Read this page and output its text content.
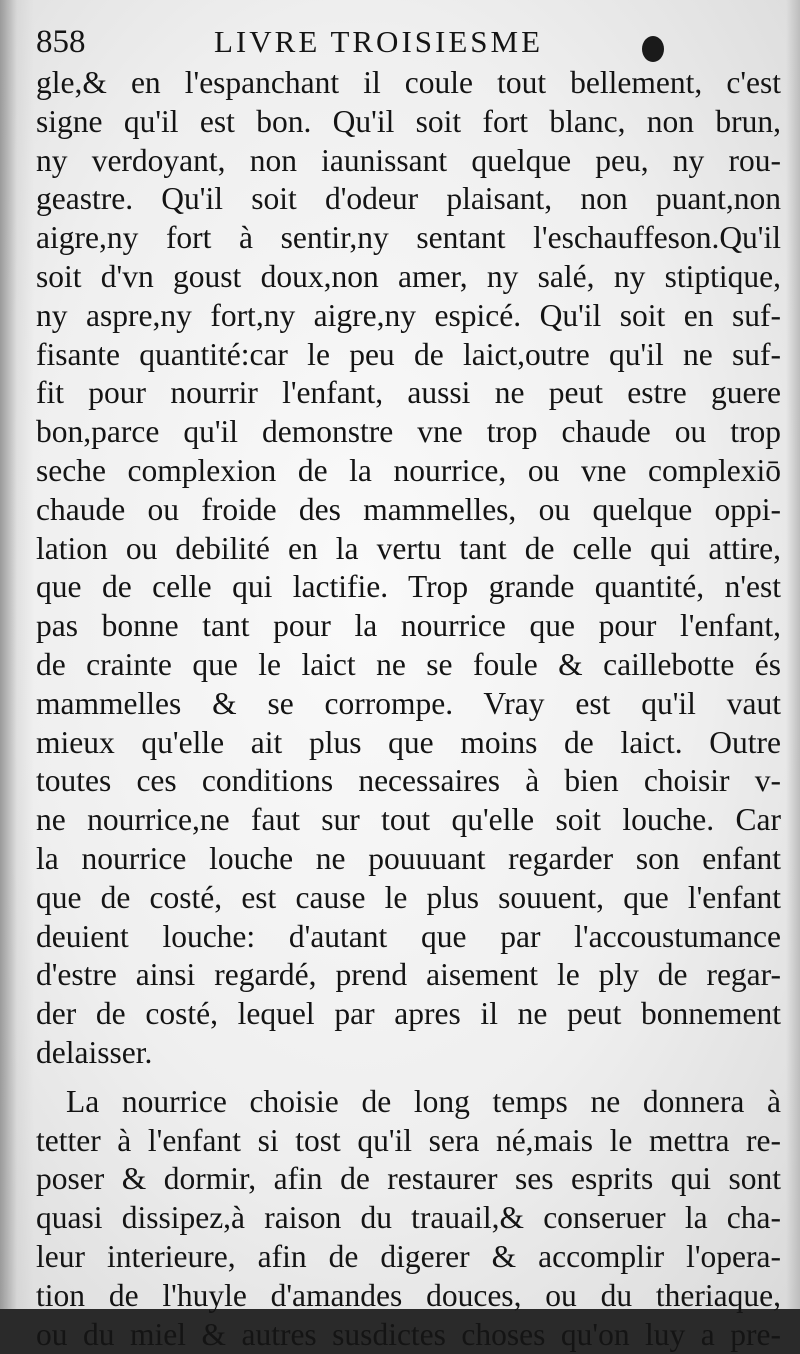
858	LIVRE TROISIESME
gle,& en l'espanchant il coule tout bellement, c'est
signe qu'il est bon. Qu'il soit fort blanc, non brun,
ny verdoyant, non iaunissant quelque peu, ny rou-
geastre. Qu'il soit d'odeur plaisant, non puant,non
aigre,ny fort à sentir,ny sentant l'eschauffeson.Qu'il
soit d'vn goust doux,non amer, ny salé, ny stiptique,
ny aspre,ny fort,ny aigre,ny espicé. Qu'il soit en suf-
fisante quantité:car le peu de laict,outre qu'il ne suf-
fit pour nourrir l'enfant, aussi ne peut estre guere
bon,parce qu'il demonstre vne trop chaude ou trop
seche complexion de la nourrice, ou vne complexiō
chaude ou froide des mammelles, ou quelque oppi-
lation ou debilité en la vertu tant de celle qui attire,
que de celle qui lactifie. Trop grande quantité, n'est
pas bonne tant pour la nourrice que pour l'enfant,
de crainte que le laict ne se foule & caillebotte és
mammelles & se corrompe. Vray est qu'il vaut
mieux qu'elle ait plus que moins de laict. Outre
toutes ces conditions necessaires à bien choisir v-
ne nourrice,ne faut sur tout qu'elle soit louche. Car
la nourrice louche ne pouuuant regarder son enfant
que de costé, est cause le plus souuent, que l'enfant
deuient louche: d'autant que par l'accoustumance
d'estre ainsi regardé, prend aisement le ply de regar-
der de costé, lequel par apres il ne peut bonnement
delaisser.
La nourrice choisie de long temps ne donnera à
tetter à l'enfant si tost qu'il sera né,mais le mettra re-
poser & dormir, afin de restaurer ses esprits qui sont
quasi dissipez,à raison du trauail,& conseruer la cha-
leur interieure, afin de digerer & accomplir l'opera-
tion de l'huyle d'amandes douces, ou du theriaque,
ou du miel & autres susdictes choses qu'on luy a pre-
